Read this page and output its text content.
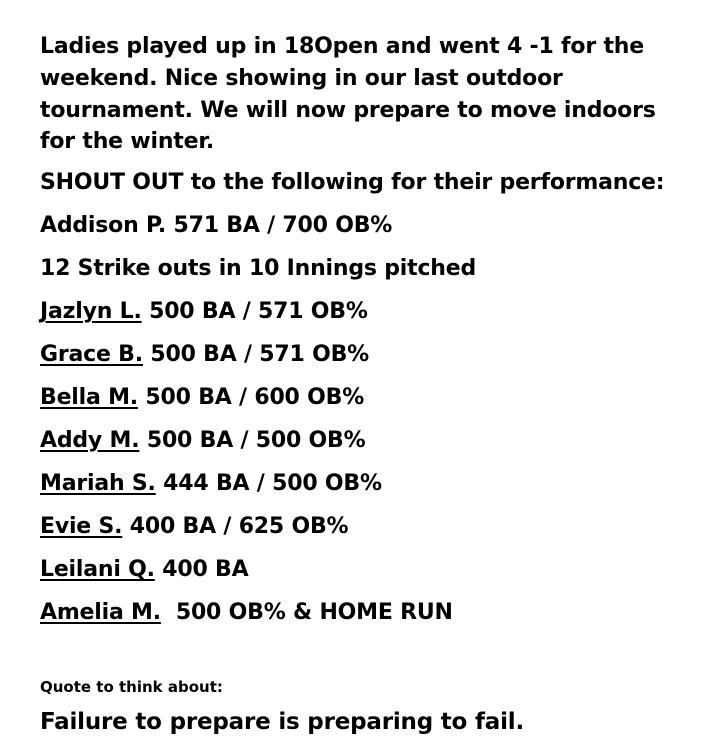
Ladies played up in 18Open and went 4 -1 for the weekend. Nice showing in our last outdoor tournament. We will now prepare to move indoors for the winter.

SHOUT OUT to the following for their performance:

Addison P. 571 BA / 700 OB%

12 Strike outs in 10 Innings pitched

Jazlyn L. 500 BA / 571 OB%

Grace B. 500 BA / 571 OB%

Bella M. 500 BA / 600 OB%

Addy M. 500 BA / 500 OB%

Mariah S. 444 BA / 500 OB%

Evie S. 400 BA / 625 OB%

Leilani Q. 400 BA

Amelia M. 500 OB% & HOME RUN

Quote to think about:

Failure to prepare is preparing to fail.
